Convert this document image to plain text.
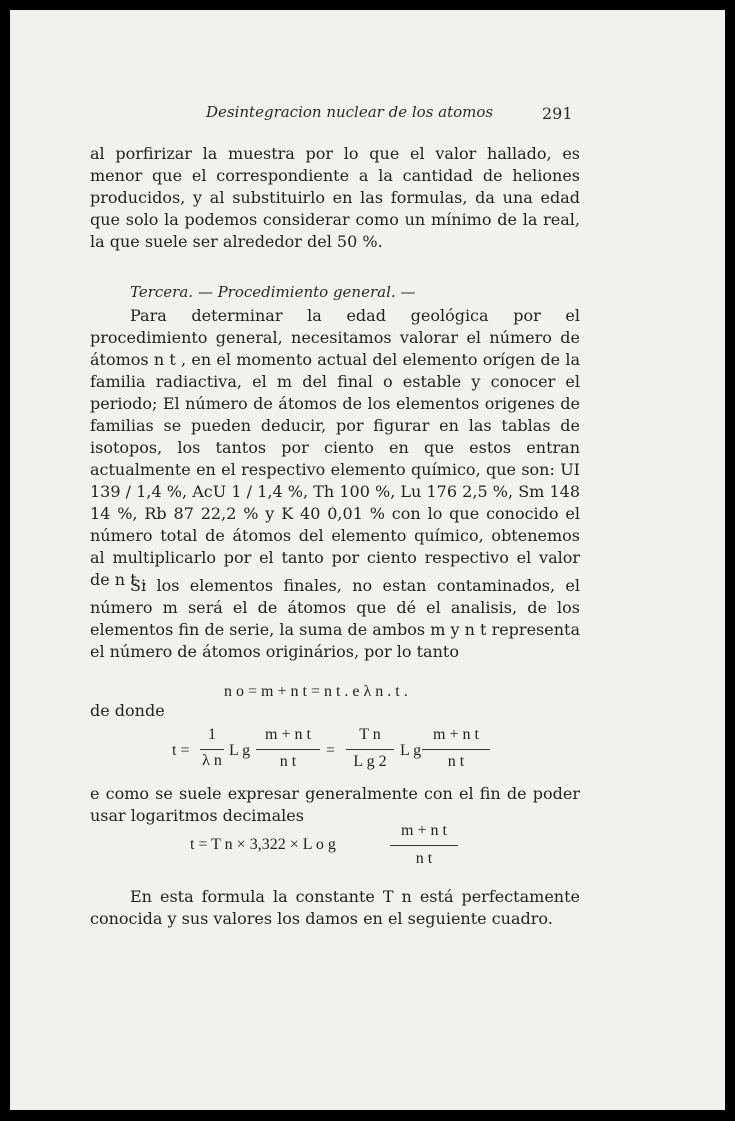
Desintegracion nuclear de los atomos	291
al porfirizar la muestra por lo que el valor hallado, es menor que el correspondiente a la cantidad de heliones producidos, y al substituirlo en las formulas, da una edad que solo la podemos considerar como un mínimo de la real, la que suele ser alrededor del 50 %.
Tercera. — Procedimiento general. —
Para determinar la edad geológica por el procedimiento general, necesitamos valorar el número de átomos n t , en el momento actual del elemento orígen de la familia radiactiva, el m del final o estable y conocer el periodo; El número de átomos de los elementos origenes de familias se pueden deducir, por figurar en las tablas de isotopos, los tantos por ciento en que estos entran actualmente en el respectivo elemento químico, que son: UI 139 / 1,4 %, AcU 1 / 1,4 %, Th 100 %, Lu 176 2,5 %, Sm 148 14 %, Rb 87 22,2 % y K 40 0,01 % con lo que conocido el número total de átomos del elemento químico, obtenemos al multiplicarlo por el tanto por ciento respectivo el valor de n t .
Si los elementos finales, no estan contaminados, el número m será el de átomos que dé el analisis, de los elementos fin de serie, la suma de ambos m y n t representa el número de átomos originários, por lo tanto
n o = m + n t = n t . e λ n . t .
de donde
t =
1
λ n
L g
m + n t
n t
=
T n
L g 2
L g
m + n t
n t
e como se suele expresar generalmente con el fin de poder usar logaritmos decimales
t = T n × 3,322 × L o g
m + n t
n t
En esta formula la constante T n está perfectamente conocida y sus valores los damos en el seguiente cuadro.
